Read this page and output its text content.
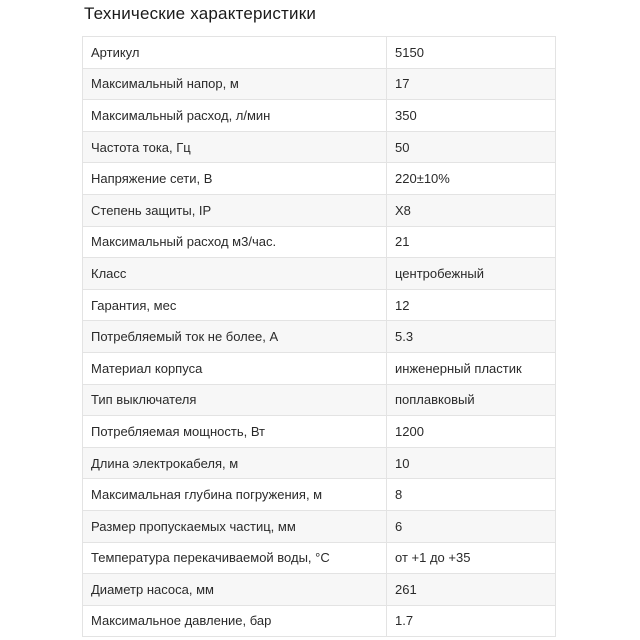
Технические характеристики
Артикул	5150
Максимальный напор, м	17
Максимальный расход, л/мин	350
Частота тока, Гц	50
Напряжение сети, В	220±10%
Степень защиты, IP	X8
Максимальный расход м3/час.	21
Класс	центробежный
Гарантия, мес	12
Потребляемый ток не более, А	5.3
Материал корпуса	инженерный пластик
Тип выключателя	поплавковый
Потребляемая мощность, Вт	1200
Длина электрокабеля, м	10
Максимальная глубина погружения, м	8
Размер пропускаемых частиц, мм	6
Температура перекачиваемой воды, °C	от +1 до +35
Диаметр насоса, мм	261
Максимальное давление, бар	1.7
